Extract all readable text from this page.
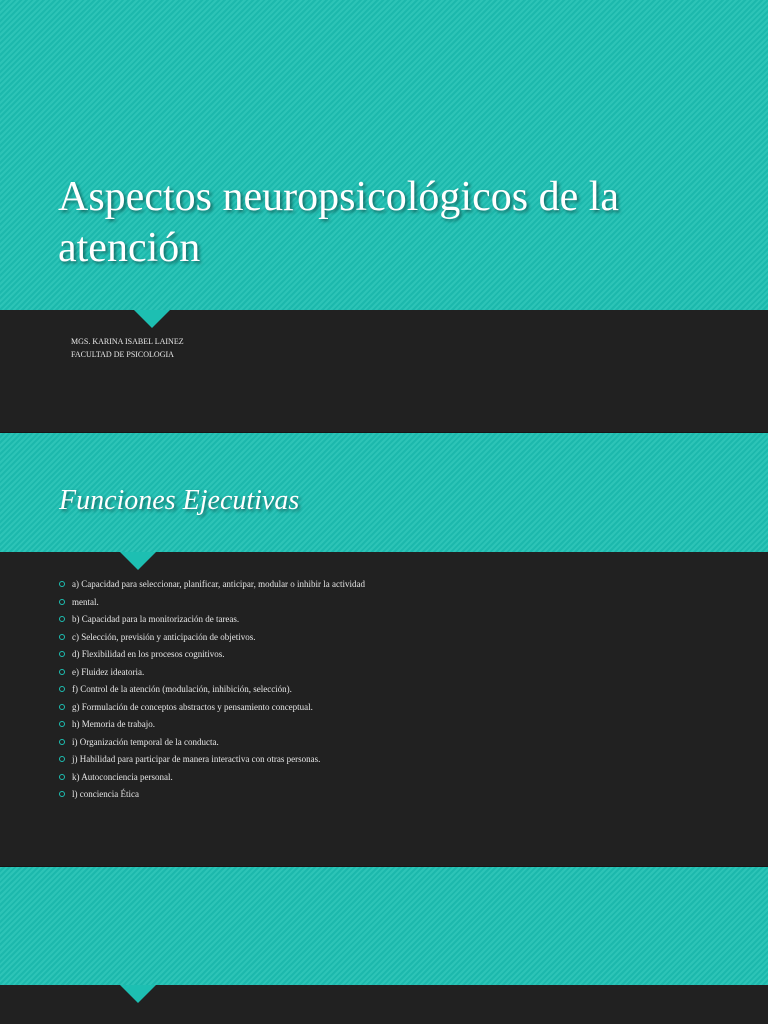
Aspectos neuropsicológicos de la atención
MGS. KARINA ISABEL LAINEZ
FACULTAD DE PSICOLOGIA
Funciones Ejecutivas
a) Capacidad para seleccionar, planificar, anticipar, modular o inhibir la actividad
mental.
b) Capacidad para la monitorización de tareas.
c) Selección, previsión y anticipación de objetivos.
d) Flexibilidad en los procesos cognitivos.
e) Fluidez ideatoria.
f) Control de la atención (modulación, inhibición, selección).
g) Formulación de conceptos abstractos y pensamiento conceptual.
h) Memoria de trabajo.
i) Organización temporal de la conducta.
j) Habilidad para participar de manera interactiva con otras personas.
k) Autoconciencia personal.
l) conciencia Ética
